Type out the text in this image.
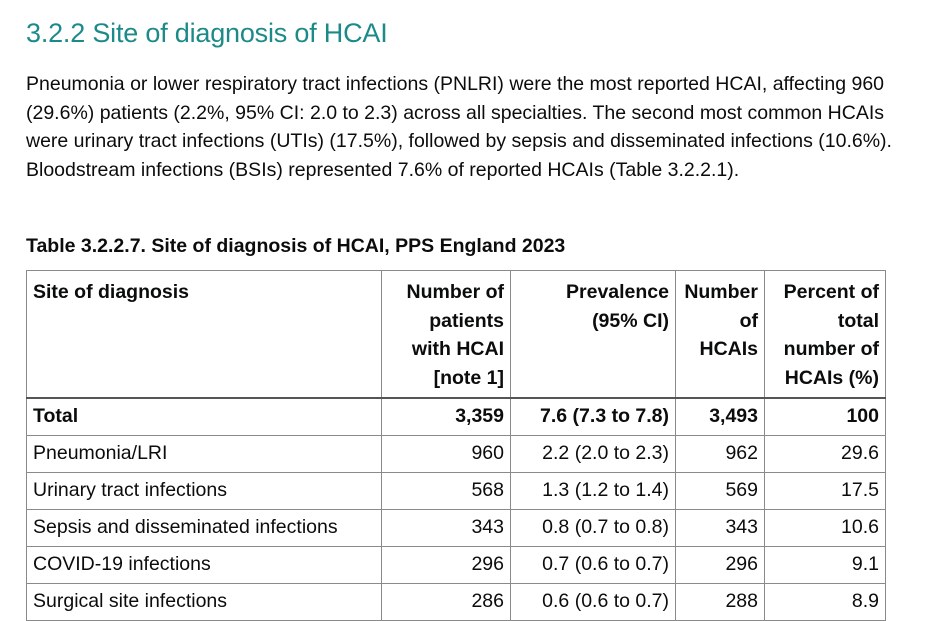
3.2.2 Site of diagnosis of HCAI

Pneumonia or lower respiratory tract infections (PNLRI) were the most reported HCAI, affecting 960 (29.6%) patients (2.2%, 95% CI: 2.0 to 2.3) across all specialties. The second most common HCAIs were urinary tract infections (UTIs) (17.5%), followed by sepsis and disseminated infections (10.6%). Bloodstream infections (BSIs) represented 7.6% of reported HCAIs (Table 3.2.2.1).

Table 3.2.2.7. Site of diagnosis of HCAI, PPS England 2023

Site of diagnosis	Number of patients with HCAI [note 1]	Prevalence (95% CI)	Number of HCAIs	Percent of total number of HCAIs (%)
Total	3,359	7.6 (7.3 to 7.8)	3,493	100
Pneumonia/LRI	960	2.2 (2.0 to 2.3)	962	29.6
Urinary tract infections	568	1.3 (1.2 to 1.4)	569	17.5
Sepsis and disseminated infections	343	0.8 (0.7 to 0.8)	343	10.6
COVID-19 infections	296	0.7 (0.6 to 0.7)	296	9.1
Surgical site infections	286	0.6 (0.6 to 0.7)	288	8.9
